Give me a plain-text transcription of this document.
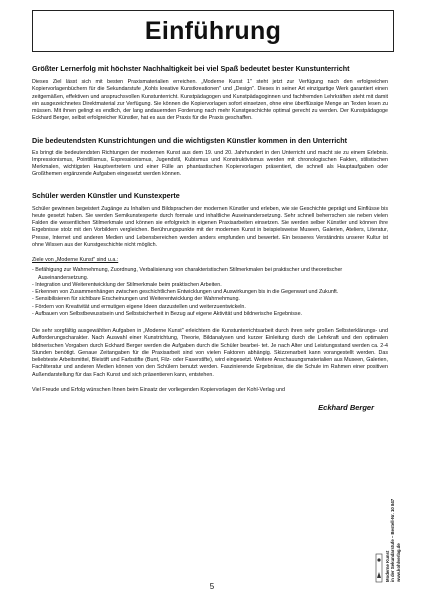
Einführung
Größter Lernerfolg mit höchster Nachhaltigkeit bei viel Spaß bedeutet bester Kunstunterricht

Dieses Ziel lässt sich mit besten Praxismaterialien erreichen. „Moderne Kunst 1" steht jetzt zur Verfügung nach den erfolgreichen Kopiervorlagenbüchern für die Sekundarstufe „Kohls kreative Kunstkreationen" und „Design". Dieses in seiner Art einzigartige Werk garantiert einen zeitgemäßen, effektiven und anspruchsvollen Kunstunterricht. Kunstpädagogen und Kunstpädagoginnen und fachfremden Lehrkräften steht mit damit ein ausgezeichnetes Direktmaterial zur Verfügung. Sie können die Kopiervorlagen sofort einsetzen, ohne eine überflüssige Menge an Texten lesen zu müssen. Mit ihnen gelingt es endlich, der lang andauernden Forderung nach mehr Kunstgeschichte optimal gerecht zu werden. Der Kunstpädagoge Eckhard Berger, selbst erfolgreicher Künstler, hat es aus der Praxis für die Praxis geschaffen.

Die bedeutendsten Kunstrichtungen und die wichtigsten Künstler kommen in den Unterricht

Es bringt die bedeutendsten Richtungen der modernen Kunst aus dem 19. und 20. Jahrhundert in den Unterricht und macht sie zu einem Erlebnis. Impressionismus, Pointillismus, Expressionismus, Jugendstil, Kubismus und Konstruktivismus werden mit chronologischen Fakten, stilistischen Merkmalen, wichtigsten Hauptvertretern und einer Fülle an phantastischen Kopiervorlagen präsentiert, die schnell als Hauptaufgaben oder Großthemen ergänzende Aufgaben eingesetzt werden können.

Schüler werden Künstler und Kunstexperte

Schüler gewinnen begeistert Zugänge zu Inhalten und Bildsprachen der modernen Künstler und erleben, wie sie Geschichte geprägt und Einflüsse bis heute gesetzt haben. Sie werden Semikunstexperte durch formale und inhaltliche Auseinandersetzung. Sehr schnell beherrschen sie neben vielen Falden die wesentlichen Stilmerkmale und können sie erfolgreich in eigenen Praxisarbeiten einsetzen. Sie werden selber Künstler und können ihre Ergebnisse stolz mit den Vorbildern vergleichen. Berührungspunkte mit der modernen Kunst in beispielsweise Museen, Galerien, Ateliers, Literatur, Presse, Internet und anderen Medien und Lebensbereichen werden anders empfunden und bewertet. Ein besseres Verständnis unserer Kultur ist ohne Wissen aus der Kunstgeschichte nicht möglich.

Ziele von „Moderne Kunst" sind u.a.:
- Befähigung zur Wahrnehmung, Zuordnung, Verbalisierung von charakteristischen Stilmerkmalen bei praktischer und theoretischer Auseinandersetzung.
- Integration und Weiterentwicklung der Stilmerkmale beim praktischen Arbeiten.
- Erkennen von Zusammenhängen zwischen geschichtlichen Entwicklungen und Auswirkungen bis in die Gegenwart und Zukunft.
- Sensibilisieren für sichtbare Erscheinungen und Weiterentwicklung der Wahrnehmung.
- Fördern von Kreativität und ermutigen eigene Ideen darzustellen und weiterzuentwickeln.
- Aufbauen von Selbstbewusstsein und Selbstsicherheit in Bezug auf eigene Aktivität und bildnerische Ergebnisse.

Die sehr sorgfältig ausgewählten Aufgaben in „Moderne Kunst" erleichtern die Kunstunterrichtsarbeit durch ihren sehr großen Selbsterklärungs- und Aufforderungscharakter. Nach Auswahl einer Kunstrichtung, Theorie, Bildanalysen und kurzer Einleitung durch die Lehrkraft und den optimalen bildnerischen Vorgaben durch Eckhard Berger werden die Aufgaben durch die Schüler bearbei- tet. Je nach Alter und Leistungsstand werden ca. 2-4 Stunden benötigt. Genaue Zeitangaben für die Praxisarbeit sind von vielen Faktoren abhängig. Skizzenarbeit kann vorangestellt werden. Das beliebteste Arbeitsmittel, Bleistift und Farbstifte (Bunt, Filz- oder Faserstifte), wird eingesetzt. Weitere Anschauungsmaterialien aus Museen, Galerien, Fachliteratur und anderen Medien können von den Schülern benutzt werden. Faszinierende Ergebnisse, die die Schule im Rahmen einer positiven Außendarstellung für das Fach Kunst und sich präsentieren kann, entstehen.

Viel Freude und Erfolg wünschen Ihnen beim Einsatz der vorliegenden Kopiervorlagen der Kohl-Verlag und

Eckhard Berger
Moderne Kunst in der Sekundarstufe – Bestell-Nr. 10 847 www.kohlverlag.de
5
